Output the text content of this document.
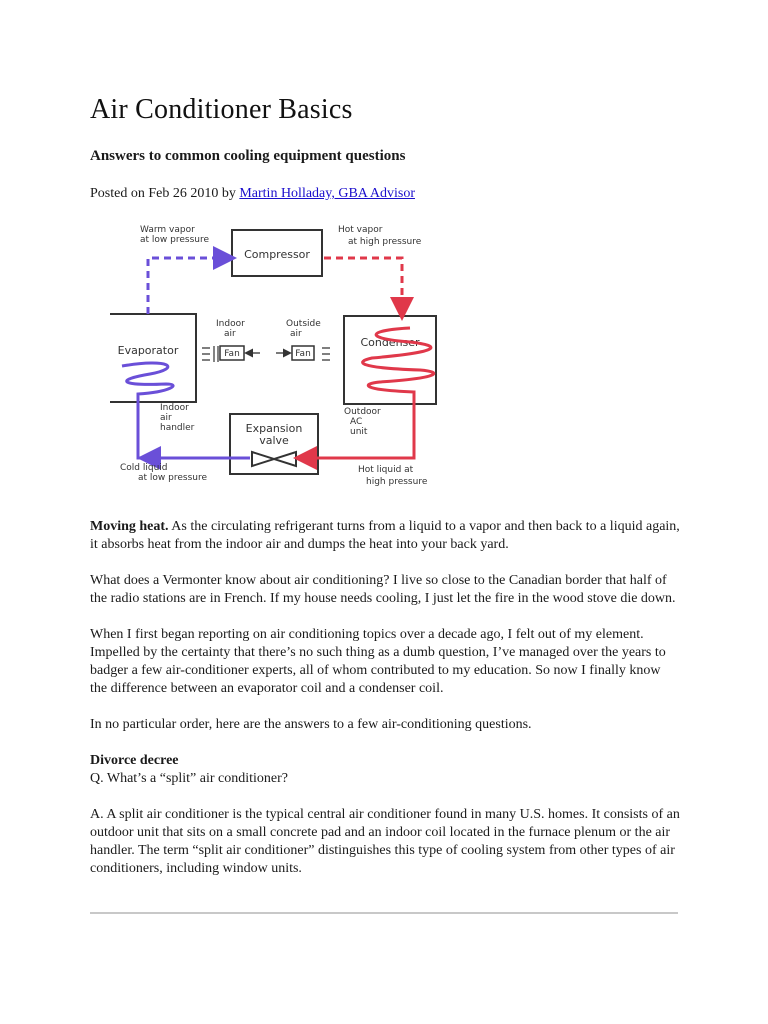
Air Conditioner Basics
Answers to common cooling equipment questions
Posted on Feb 26 2010 by Martin Holladay, GBA Advisor
Compressor
Evaporator
Condenser
Expansion
valve
Fan	Fan
Warm vapor
at low pressure
Hot vapor
at high pressure
Indoor
air
Outside
air
Indoor
air
handler
Outdoor
AC
unit
Cold liquid
at low pressure
Hot liquid at
high pressure

Moving heat. As the circulating refrigerant turns from a liquid to a vapor and then back to a liquid again, it absorbs heat from the indoor air and dumps the heat into your back yard.

What does a Vermonter know about air conditioning? I live so close to the Canadian border that half of the radio stations are in French. If my house needs cooling, I just let the fire in the wood stove die down.

When I first began reporting on air conditioning topics over a decade ago, I felt out of my element. Impelled by the certainty that there’s no such thing as a dumb question, I’ve managed over the years to badger a few air-conditioner experts, all of whom contributed to my education. So now I finally know the difference between an evaporator coil and a condenser coil.

In no particular order, here are the answers to a few air-conditioning questions.

Divorce decree

Q. What’s a “split” air conditioner?

A. A split air conditioner is the typical central air conditioner found in many U.S. homes. It consists of an outdoor unit that sits on a small concrete pad and an indoor coil located in the furnace plenum or the air handler. The term “split air conditioner” distinguishes this type of cooling system from other types of air conditioners, including window units.
